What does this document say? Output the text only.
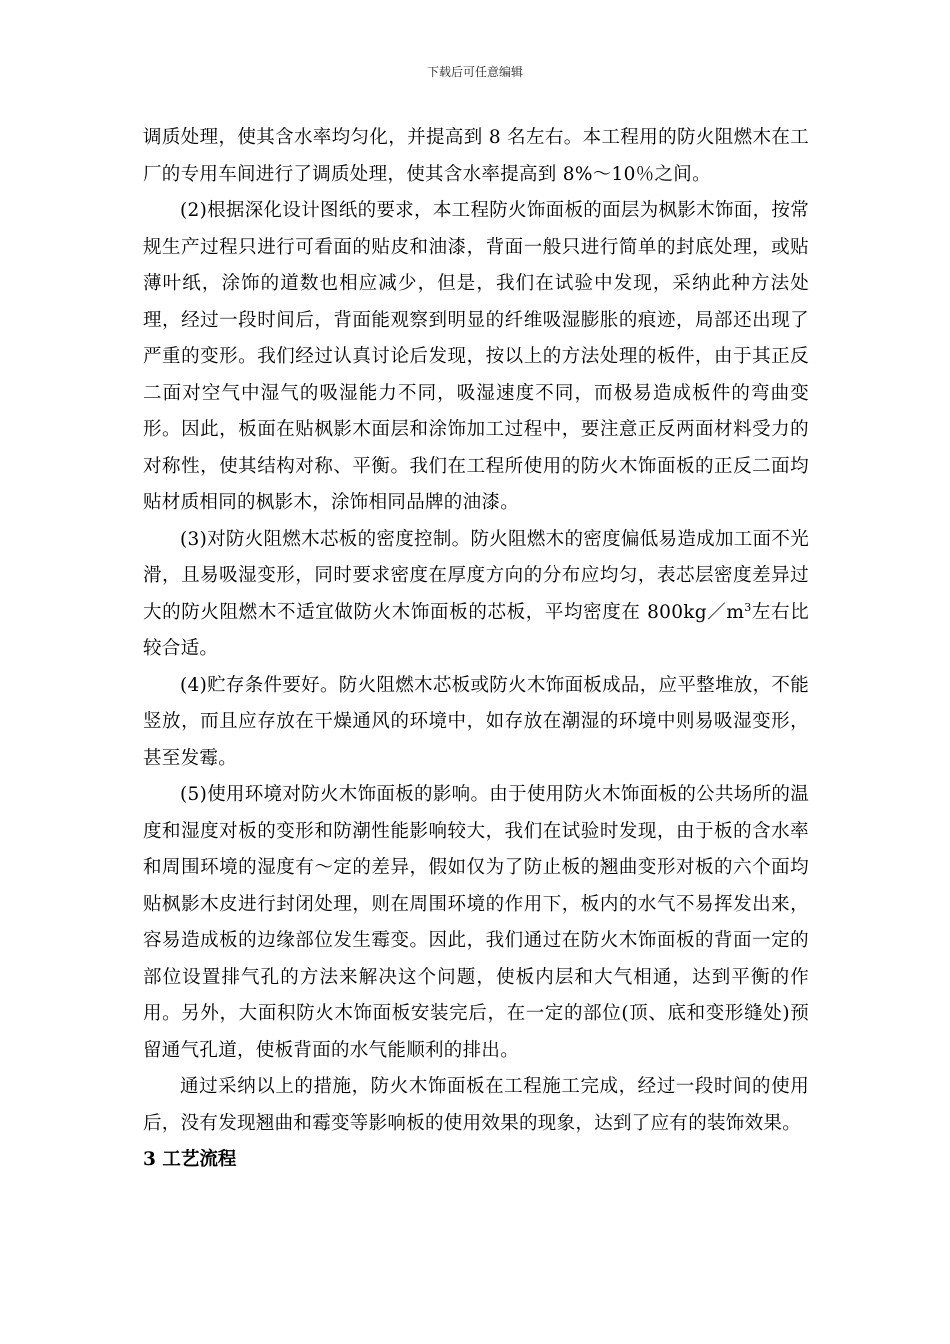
下载后可任意编辑

调质处理，使其含水率均匀化，并提高到 8 名左右。本工程用的防火阻燃木在工厂的专用车间进行了调质处理，使其含水率提高到 8%～10％之间。

(2)根据深化设计图纸的要求，本工程防火饰面板的面层为枫影木饰面，按常规生产过程只进行可看面的贴皮和油漆，背面一般只进行简单的封底处理，或贴薄叶纸，涂饰的道数也相应减少，但是，我们在试验中发现，采纳此种方法处理，经过一段时间后，背面能观察到明显的纤维吸湿膨胀的痕迹，局部还出现了严重的变形。我们经过认真讨论后发现，按以上的方法处理的板件，由于其正反二面对空气中湿气的吸湿能力不同，吸湿速度不同，而极易造成板件的弯曲变形。因此，板面在贴枫影木面层和涂饰加工过程中，要注意正反两面材料受力的对称性，使其结构对称、平衡。我们在工程所使用的防火木饰面板的正反二面均贴材质相同的枫影木，涂饰相同品牌的油漆。

(3)对防火阻燃木芯板的密度控制。防火阻燃木的密度偏低易造成加工面不光滑，且易吸湿变形，同时要求密度在厚度方向的分布应均匀，表芯层密度差异过大的防火阻燃木不适宜做防火木饰面板的芯板，平均密度在 $800kg/m^3$左右比较合适。

(4)贮存条件要好。防火阻燃木芯板或防火木饰面板成品，应平整堆放，不能竖放，而且应存放在干燥通风的环境中，如存放在潮湿的环境中则易吸湿变形，甚至发霉。

(5)使用环境对防火木饰面板的影响。由于使用防火木饰面板的公共场所的温度和湿度对板的变形和防潮性能影响较大，我们在试验时发现，由于板的含水率和周围环境的湿度有～定的差异，假如仅为了防止板的翘曲变形对板的六个面均贴枫影木皮进行封闭处理，则在周围环境的作用下，板内的水气不易挥发出来，容易造成板的边缘部位发生霉变。因此，我们通过在防火木饰面板的背面一定的部位设置排气孔的方法来解决这个问题，使板内层和大气相通，达到平衡的作用。另外，大面积防火木饰面板安装完后，在一定的部位(顶、底和变形缝处)预留通气孔道，使板背面的水气能顺利的排出。

通过采纳以上的措施，防火木饰面板在工程施工完成，经过一段时间的使用后，没有发现翘曲和霉变等影响板的使用效果的现象，达到了应有的装饰效果。

3 工艺流程
